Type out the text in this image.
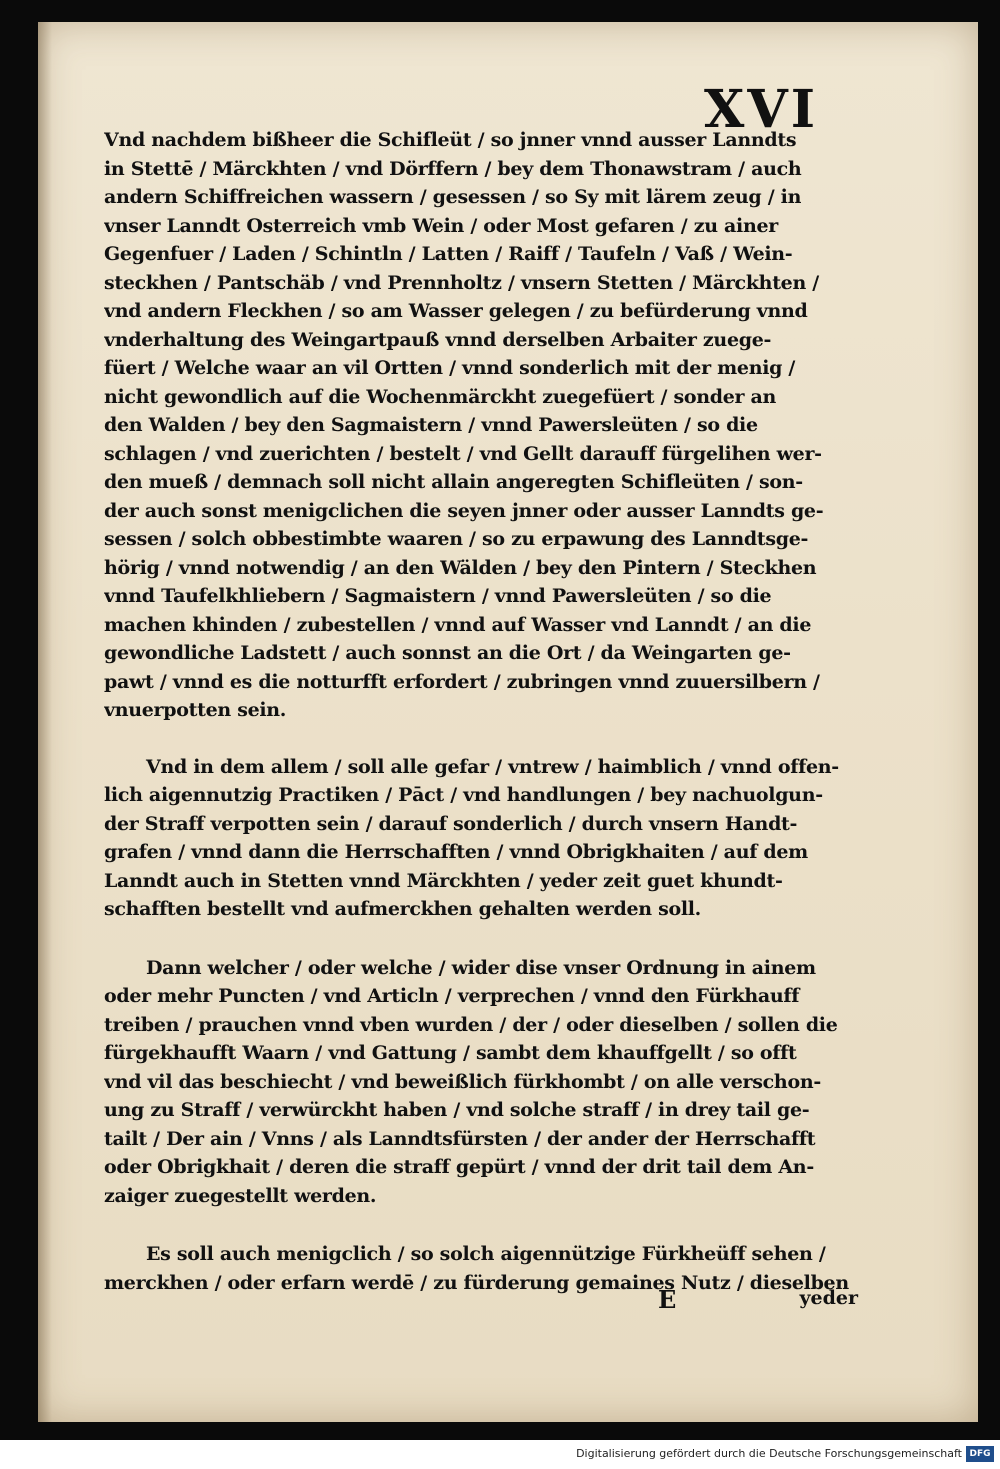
XVI
Vnd nachdem bißheer die Schifleüt / so jnner vnnd ausser Lanndts
in Stettē / Märckhten / vnd Dörffern / bey dem Thonawstram / auch
andern Schiffreichen wassern / gesessen / so Sy mit lärem zeug / in
vnser Lanndt Osterreich vmb Wein / oder Most gefaren / zu ainer
Gegenfuer / Laden / Schintln / Latten / Raiff / Taufeln / Vaß / Wein-
steckhen / Pantschäb / vnd Prennholtz / vnsern Stetten / Märckhten /
vnd andern Fleckhen / so am Wasser gelegen / zu befürderung vnnd
vnderhaltung des Weingartpauß vnnd derselben Arbaiter zuege-
füert / Welche waar an vil Ortten / vnnd sonderlich mit der menig /
nicht gewondlich auf die Wochenmärckht zuegefüert / sonder an
den Walden / bey den Sagmaistern / vnnd Pawersleüten / so die
schlagen / vnd zuerichten / bestelt / vnd Gellt darauff fürgelihen wer-
den mueß / demnach soll nicht allain angeregten Schifleüten / son-
der auch sonst menigclichen die seyen jnner oder ausser Lanndts ge-
sessen / solch obbestimbte waaren / so zu erpawung des Lanndtsge-
hörig / vnnd notwendig / an den Wälden / bey den Pintern / Steckhen
vnnd Taufelkhliebern / Sagmaistern / vnnd Pawersleüten / so die
machen khinden / zubestellen / vnnd auf Wasser vnd Lanndt / an die
gewondliche Ladstett / auch sonnst an die Ort / da Weingarten ge-
pawt / vnnd es die notturfft erfordert / zubringen vnnd zuuersilbern /
vnuerpotten sein.
Vnd in dem allem / soll alle gefar / vntrew / haimblich / vnnd offen-
lich aigennutzig Practiken / Pāct / vnd handlungen / bey nachuolgun-
der Straff verpotten sein / darauf sonderlich / durch vnsern Handt-
grafen / vnnd dann die Herrschafften / vnnd Obrigkhaiten / auf dem
Lanndt auch in Stetten vnnd Märckhten / yeder zeit guet khundt-
schafften bestellt vnd aufmerckhen gehalten werden soll.
Dann welcher / oder welche / wider dise vnser Ordnung in ainem
oder mehr Puncten / vnd Articln / verprechen / vnnd den Fürkhauff
treiben / prauchen vnnd vben wurden / der / oder dieselben / sollen die
fürgekhaufft Waarn / vnd Gattung / sambt dem khauffgellt / so offt
vnd vil das beschiecht / vnd beweißlich fürkhombt / on alle verschon-
ung zu Straff / verwürckht haben / vnd solche straff / in drey tail ge-
tailt / Der ain / Vnns / als Lanndtsfürsten / der ander der Herrschafft
oder Obrigkhait / deren die straff gepürt / vnnd der drit tail dem An-
zaiger zuegestellt werden.
Es soll auch menigclich / so solch aigennützige Fürkheüff sehen /
merckhen / oder erfarn werdē / zu fürderung gemaines Nutz / dieselben
E	yeder
Digitalisierung gefördert durch die Deutsche Forschungsgemeinschaft DFG
